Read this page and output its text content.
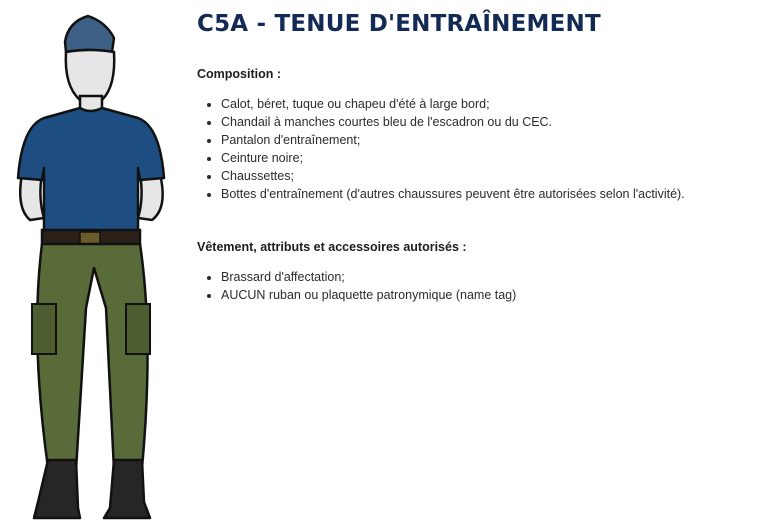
C5A - TENUE D'ENTRAÎNEMENT

Composition :

• Calot, béret, tuque ou chapeu d'été à large bord;
• Chandail à manches courtes bleu de l'escadron ou du CEC.
• Pantalon d'entraînement;
• Ceinture noire;
• Chaussettes;
• Bottes d'entraînement (d'autres chaussures peuvent être autorisées selon l'activité).

Vêtement, attributs et accessoires autorisés :

• Brassard d'affectation;
• AUCUN ruban ou plaquette patronymique (name tag)
